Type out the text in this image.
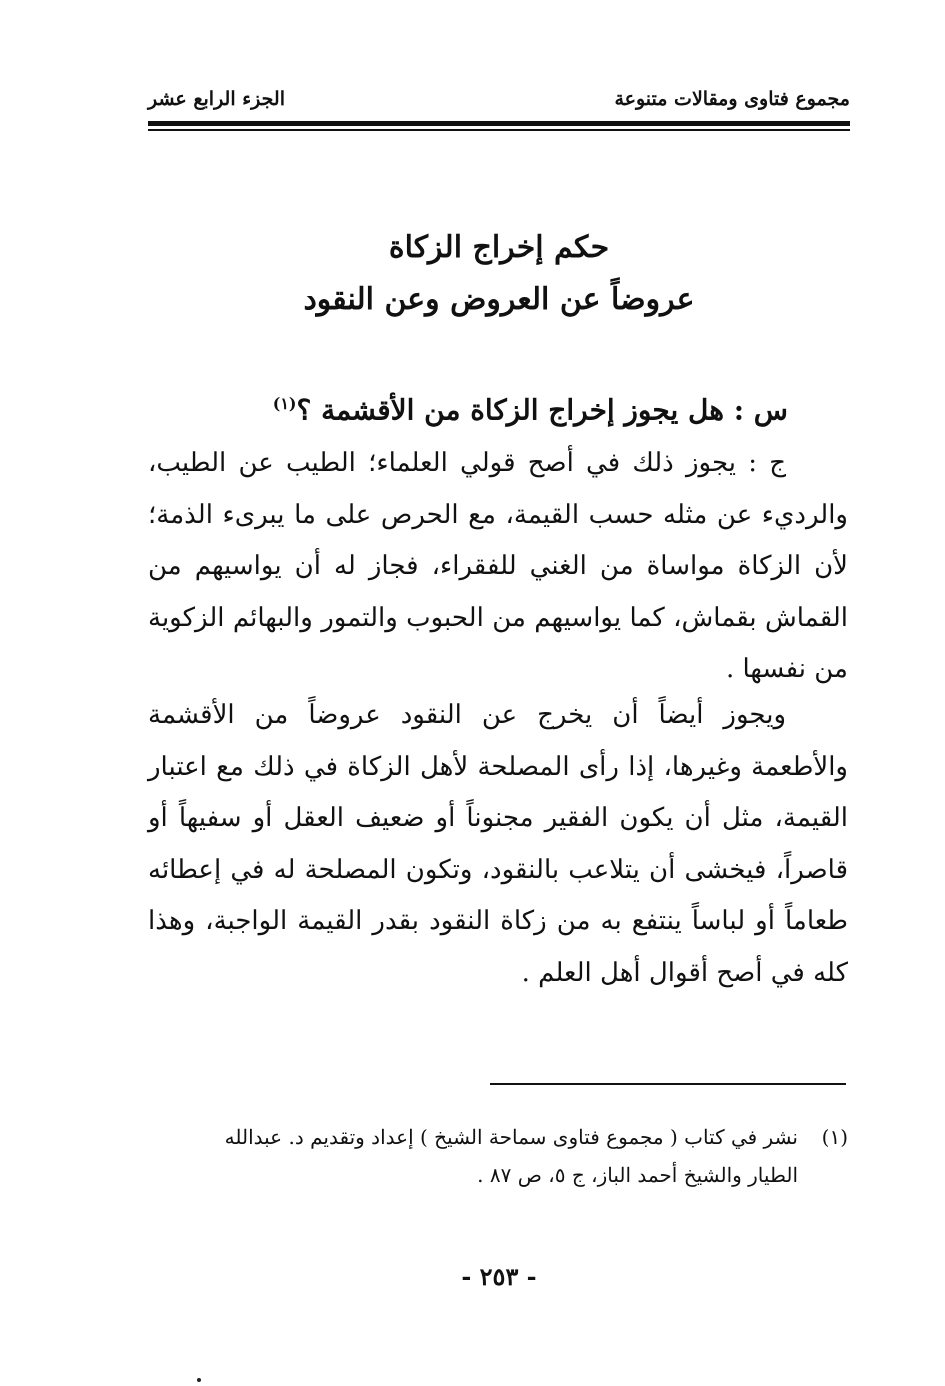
مجموع فتاوى ومقالات متنوعة
الجزء الرابع عشر
حكم إخراج الزكاة
عروضاً عن العروض وعن النقود
س : هل يجوز إخراج الزكاة من الأقشمة ؟$^{(١)}$
ج : يجوز ذلك في أصح قولي العلماء؛ الطيب عن الطيب، والرديء عن مثله حسب القيمة، مع الحرص على ما يبرىء الذمة؛ لأن الزكاة مواساة من الغني للفقراء، فجاز له أن يواسيهم من القماش بقماش، كما يواسيهم من الحبوب والتمور والبهائم الزكوية من نفسها .
ويجوز أيضاً أن يخرج عن النقود عروضاً من الأقشمة والأطعمة وغيرها، إذا رأى المصلحة لأهل الزكاة في ذلك مع اعتبار القيمة، مثل أن يكون الفقير مجنوناً أو ضعيف العقل أو سفيهاً أو قاصراً، فيخشى أن يتلاعب بالنقود، وتكون المصلحة له في إعطائه طعاماً أو لباساً ينتفع به من زكاة النقود بقدر القيمة الواجبة، وهذا كله في أصح أقوال أهل العلم .
(١)نشر في كتاب ( مجموع فتاوى سماحة الشيخ ) إعداد وتقديم د. عبدالله
الطيار والشيخ أحمد الباز، ج ٥، ص ٨٧ .
- ٢٥٣ -
